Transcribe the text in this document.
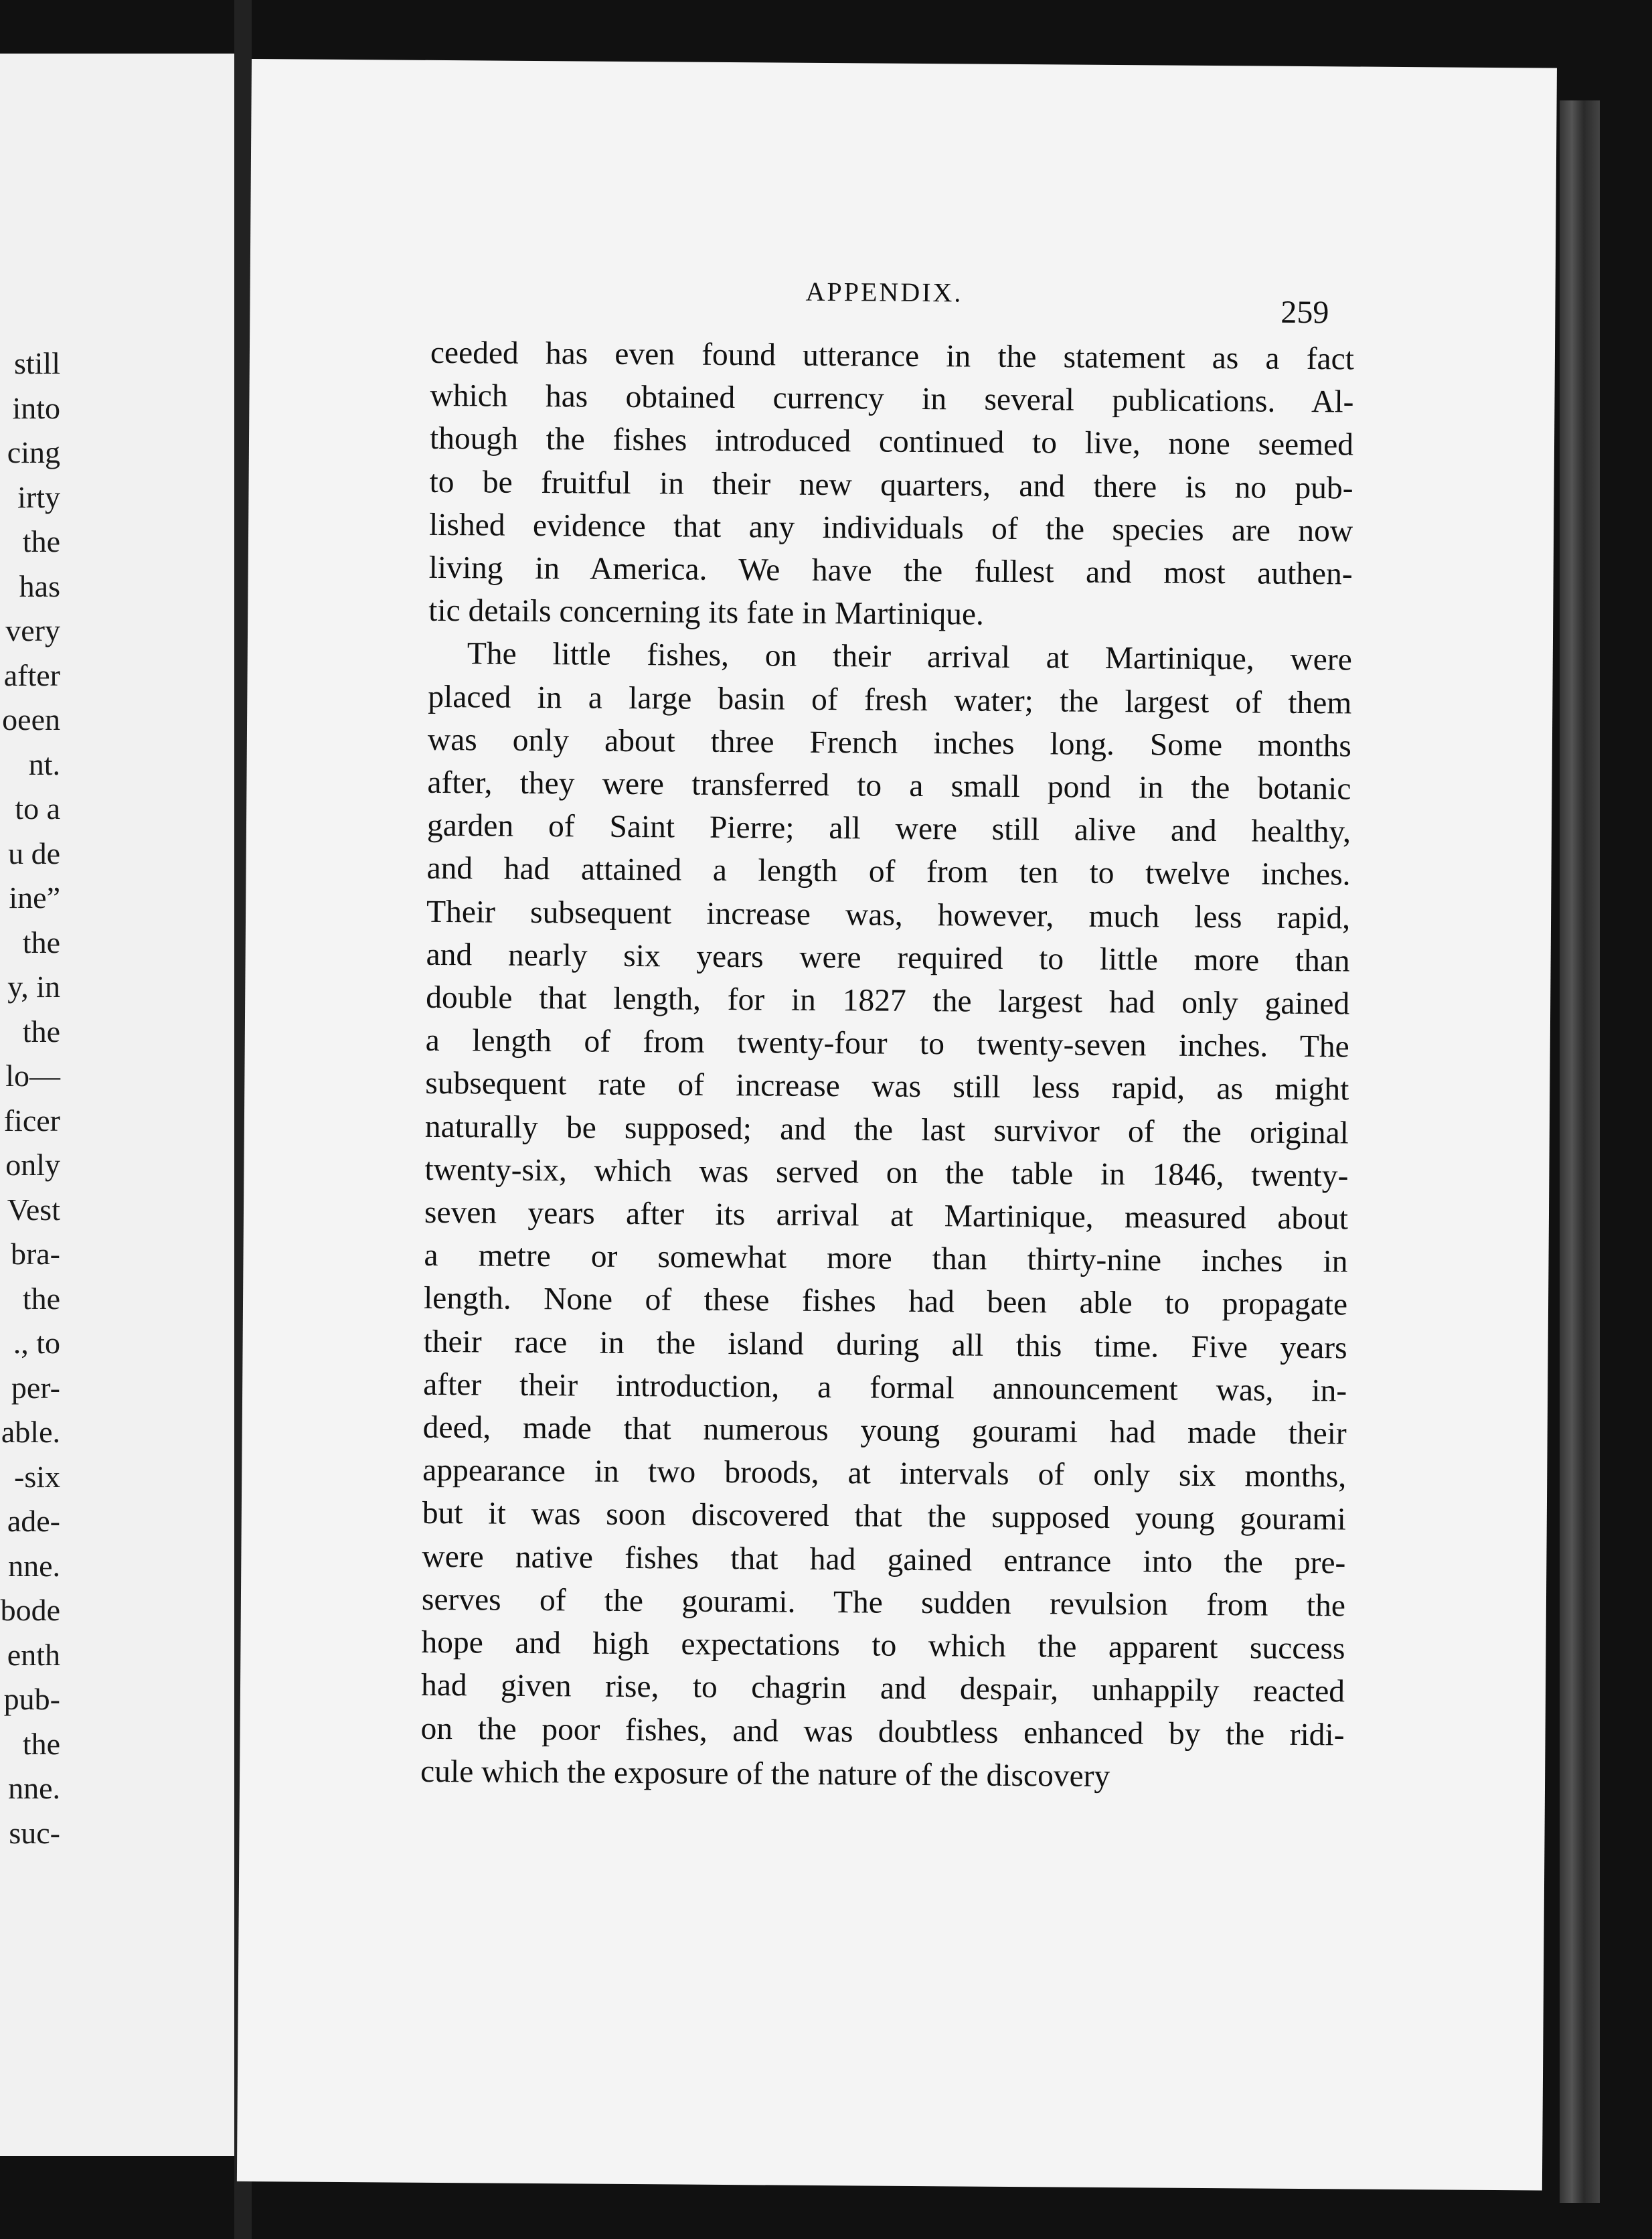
still
into
cing
irty
the
has
very
after
oeen
nt.
to a
u de
ine”
the
y, in
the
lo—
ficer
only
Vest
bra-
the
., to
per-
able.
-six
ade-
nne.
bode
enth
pub-
the
nne.
suc-
APPENDIX.
259
ceeded has even found utterance in the statement as a fact
which has obtained currency in several publications. Al-
though the fishes introduced continued to live, none seemed
to be fruitful in their new quarters, and there is no pub-
lished evidence that any individuals of the species are now
living in America. We have the fullest and most authen-
tic details concerning its fate in Martinique.
The little fishes, on their arrival at Martinique, were
placed in a large basin of fresh water; the largest of them
was only about three French inches long. Some months
after, they were transferred to a small pond in the botanic
garden of Saint Pierre; all were still alive and healthy,
and had attained a length of from ten to twelve inches.
Their subsequent increase was, however, much less rapid,
and nearly six years were required to little more than
double that length, for in 1827 the largest had only gained
a length of from twenty-four to twenty-seven inches. The
subsequent rate of increase was still less rapid, as might
naturally be supposed; and the last survivor of the original
twenty-six, which was served on the table in 1846, twenty-
seven years after its arrival at Martinique, measured about
a metre or somewhat more than thirty-nine inches in
length. None of these fishes had been able to propagate
their race in the island during all this time. Five years
after their introduction, a formal announcement was, in-
deed, made that numerous young gourami had made their
appearance in two broods, at intervals of only six months,
but it was soon discovered that the supposed young gourami
were native fishes that had gained entrance into the pre-
serves of the gourami. The sudden revulsion from the
hope and high expectations to which the apparent success
had given rise, to chagrin and despair, unhappily reacted
on the poor fishes, and was doubtless enhanced by the ridi-
cule which the exposure of the nature of the discovery
